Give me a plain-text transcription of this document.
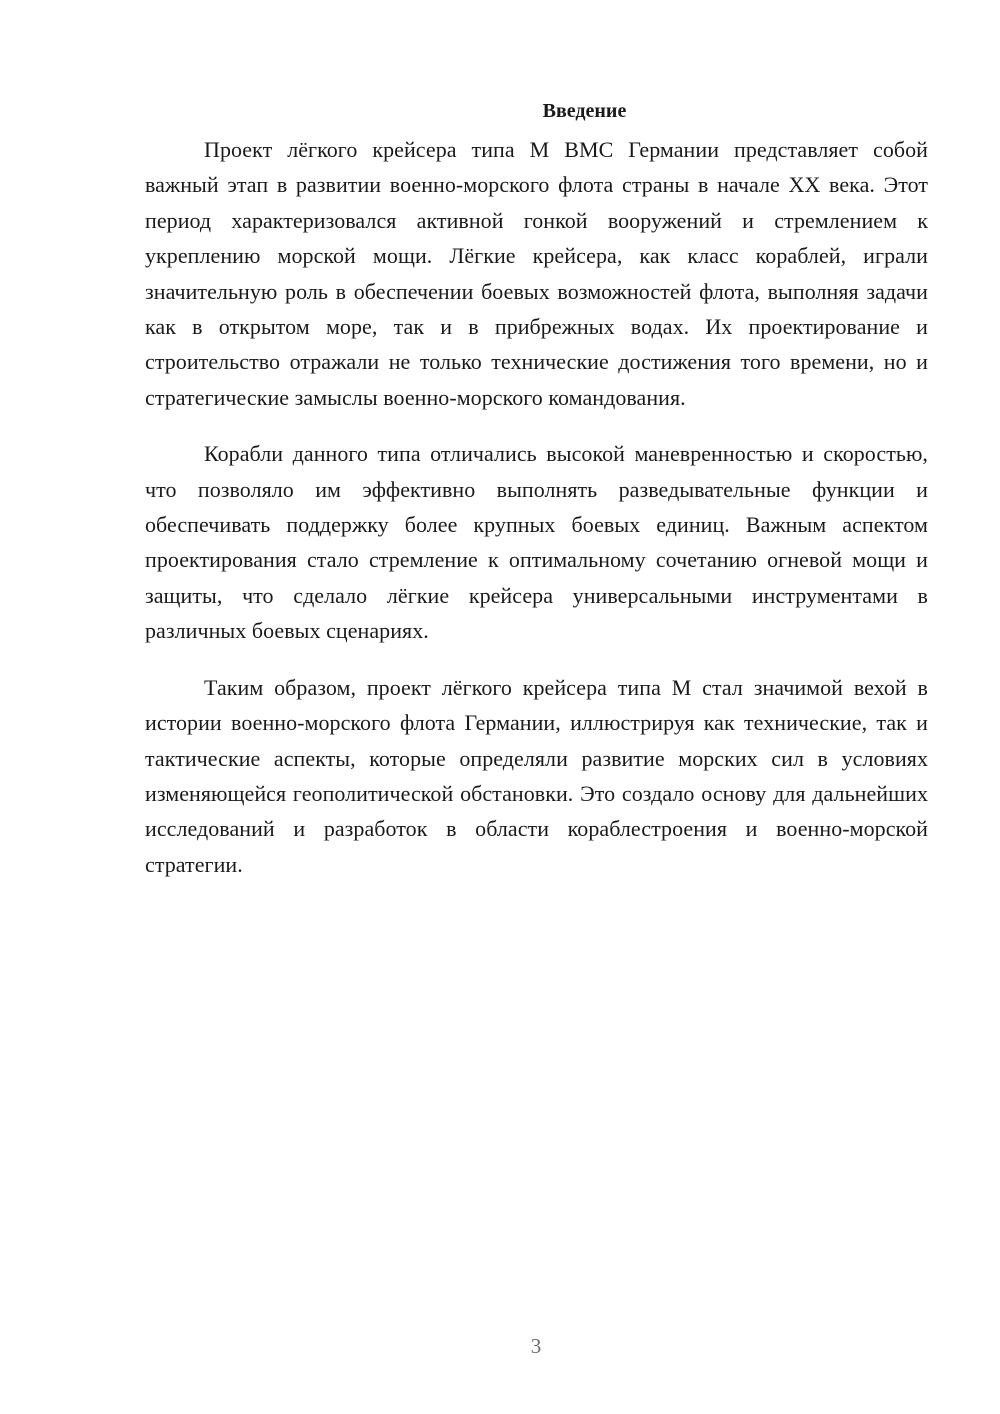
Введение

Проект лёгкого крейсера типа М ВМС Германии представляет собой важный этап в развитии военно-морского флота страны в начале XX века. Этот период характеризовался активной гонкой вооружений и стремлением к укреплению морской мощи. Лёгкие крейсера, как класс кораблей, играли значительную роль в обеспечении боевых возможностей флота, выполняя задачи как в открытом море, так и в прибрежных водах. Их проектирование и строительство отражали не только технические достижения того времени, но и стратегические замыслы военно-морского командования.

Корабли данного типа отличались высокой маневренностью и скоростью, что позволяло им эффективно выполнять разведывательные функции и обеспечивать поддержку более крупных боевых единиц. Важным аспектом проектирования стало стремление к оптимальному сочетанию огневой мощи и защиты, что сделало лёгкие крейсера универсальными инструментами в различных боевых сценариях.

Таким образом, проект лёгкого крейсера типа М стал значимой вехой в истории военно-морского флота Германии, иллюстрируя как технические, так и тактические аспекты, которые определяли развитие морских сил в условиях изменяющейся геополитической обстановки. Это создало основу для дальнейших исследований и разработок в области кораблестроения и военно-морской стратегии.

3
